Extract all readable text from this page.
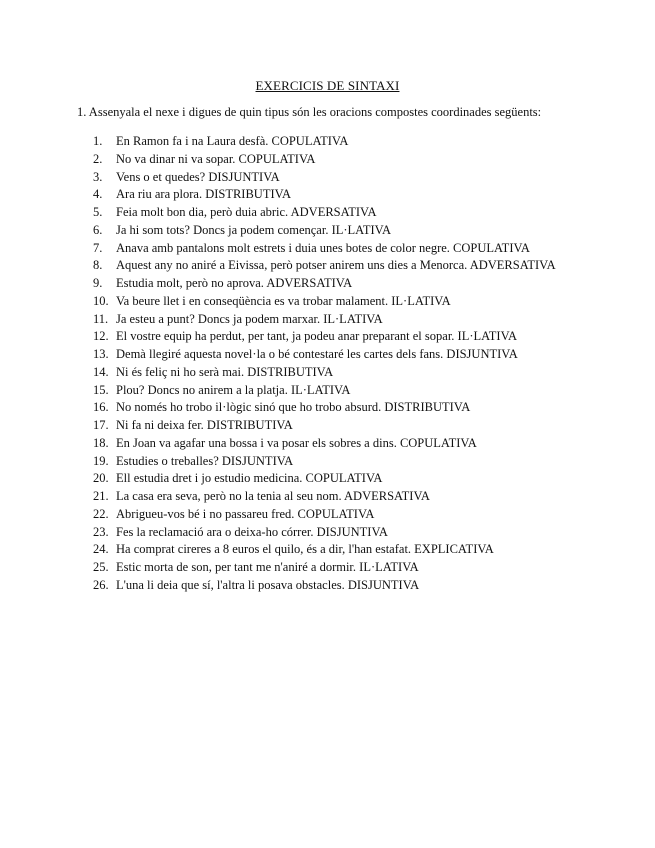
EXERCICIS DE SINTAXI
1. Assenyala el nexe i digues de quin tipus són les oracions compostes coordinades següents:
1.	En Ramon fa i na Laura desfà. COPULATIVA
2.	No va dinar ni va sopar. COPULATIVA
3.	Vens o et quedes? DISJUNTIVA
4.	Ara riu ara plora. DISTRIBUTIVA
5.	Feia molt bon dia, però duia abric. ADVERSATIVA
6.	Ja hi som tots? Doncs ja podem començar. IL·LATIVA
7.	Anava amb pantalons molt estrets i duia unes botes de color negre. COPULATIVA
8.	Aquest any no aniré a Eivissa, però potser anirem uns dies a Menorca. ADVERSATIVA
9.	Estudia molt, però no aprova. ADVERSATIVA
10. Va beure llet i en conseqüència es va trobar malament. IL·LATIVA
11. Ja esteu a punt? Doncs ja podem marxar. IL·LATIVA
12. El vostre equip ha perdut, per tant, ja podeu anar preparant el sopar. IL·LATIVA
13. Demà llegiré aquesta novel·la o bé contestaré les cartes dels fans. DISJUNTIVA
14. Ni és feliç ni ho serà mai. DISTRIBUTIVA
15. Plou? Doncs no anirem a la platja. IL·LATIVA
16. No només ho trobo il·lògic sinó que ho trobo absurd. DISTRIBUTIVA
17. Ni fa ni deixa fer. DISTRIBUTIVA
18. En Joan va agafar una bossa i va posar els sobres a dins. COPULATIVA
19. Estudies o treballes? DISJUNTIVA
20. Ell estudia dret i jo estudio medicina. COPULATIVA
21. La casa era seva, però no la tenia al seu nom. ADVERSATIVA
22. Abrigueu-vos bé i no passareu fred. COPULATIVA
23. Fes la reclamació ara o deixa-ho córrer. DISJUNTIVA
24. Ha comprat cireres a 8 euros el quilo, és a dir, l'han estafat. EXPLICATIVA
25. Estic morta de son, per tant me n'aniré a dormir. IL·LATIVA
26. L'una li deia que sí, l'altra li posava obstacles. DISJUNTIVA
